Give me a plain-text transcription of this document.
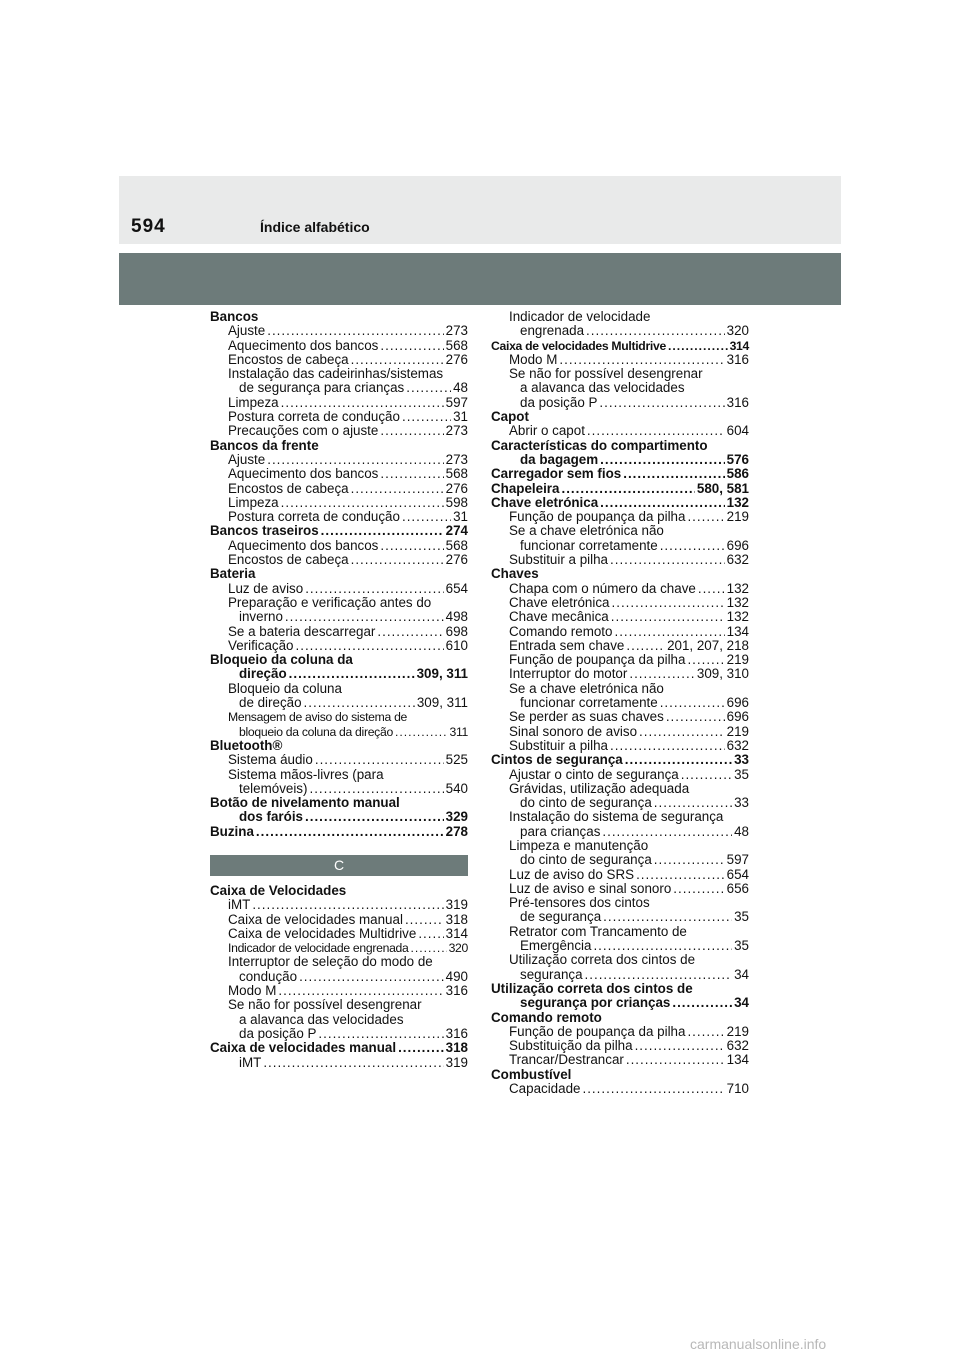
594	Índice alfabético
Bancos
Ajuste .....	273
Aquecimento dos bancos .....	568
Encostos de cabeça .....	276
Instalação das cadeirinhas/sistemas
de segurança para crianças .....	48
Limpeza .....	597
Postura correta de condução .....	31
Precauções com o ajuste .....	273
Bancos da frente
Ajuste .....	273
Aquecimento dos bancos .....	568
Encostos de cabeça .....	276
Limpeza .....	598
Postura correta de condução .....	31
Bancos traseiros .....	274
Aquecimento dos bancos .....	568
Encostos de cabeça .....	276
Bateria
Luz de aviso .....	654
Preparação e verificação antes do
inverno .....	498
Se a bateria descarregar .....	698
Verificação .....	610
Bloqueio da coluna da
direção .....	309, 311
Bloqueio da coluna
de direção .....	309, 311
Mensagem de aviso do sistema de
bloqueio da coluna da direção .....	311
Bluetooth®
Sistema áudio .....	525
Sistema mãos-livres (para
telemóveis) .....	540
Botão de nivelamento manual
dos faróis .....	329
Buzina .....	278
C
Caixa de Velocidades
iMT .....	319
Caixa de velocidades manual .....	318
Caixa de velocidades Multidrive ..... 314
Indicador de velocidade engrenada .....	320
Interruptor de seleção do modo de
condução .....	490
Modo M .....	316
Se não for possível desengrenar
a alavanca das velocidades
da posição P .....	316
Caixa de velocidades manual .....	318
iMT .....	319
Indicador de velocidade
engrenada .....	320
Caixa de velocidades Multidrive .....	314
Modo M .....	316
Se não for possível desengrenar
a alavanca das velocidades
da posição P .....	316
Capot
Abrir o capot .....	604
Características do compartimento
da bagagem .....	576
Carregador sem fios .....	586
Chapeleira .....	580, 581
Chave eletrónica .....	132
Função de poupança da pilha .....	219
Se a chave eletrónica não
funcionar corretamente .....	696
Substituir a pilha .....	632
Chaves
Chapa com o número da chave ..... 132
Chave eletrónica .....	132
Chave mecânica .....	132
Comando remoto .....	134
Entrada sem chave .....	201, 207, 218
Função de poupança da pilha .....	219
Interruptor do motor .....	309, 310
Se a chave eletrónica não
funcionar corretamente .....	696
Se perder as suas chaves .....	696
Sinal sonoro de aviso .....	219
Substituir a pilha .....	632
Cintos de segurança .....	33
Ajustar o cinto de segurança .....	35
Grávidas, utilização adequada
do cinto de segurança .....	33
Instalação do sistema de segurança
para crianças .....	48
Limpeza e manutenção
do cinto de segurança .....	597
Luz de aviso do SRS .....	654
Luz de aviso e sinal sonoro .....	656
Pré-tensores dos cintos
de segurança .....	35
Retrator com Trancamento de
Emergência .....	35
Utilização correta dos cintos de
segurança .....	34
Utilização correta dos cintos de
segurança por crianças .....	34
Comando remoto
Função de poupança da pilha .....	219
Substituição da pilha .....	632
Trancar/Destrancar .....	134
Combustível
Capacidade .....	710
carmanualsonline.info
